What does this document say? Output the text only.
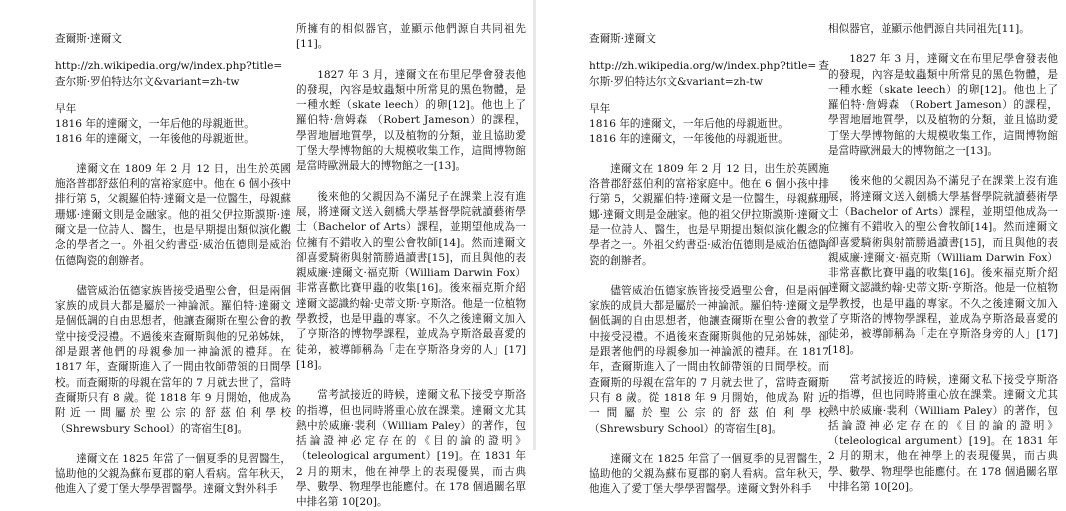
查爾斯·達爾文

http://zh.wikipedia.org/w/index.php?title=查尔斯·罗伯特达尔文&variant=zh-tw

早年

1816 年的達爾文，一年后他的母親逝世。

1816 年的達爾文，一年後他的母親逝世。

達爾文在 1809 年 2 月 12 日，出生於英國施洛普郡舒茲伯利的富裕家庭中。他在 6 個小孩中排行第 5，父親羅伯特·達爾文是一位醫生，母親蘇珊娜·達爾文則是金融家。他的祖父伊拉斯謨斯·達爾文是一位詩人、醫生，也是早期提出類似演化觀念的學者之一。外祖父約書亞·威治伍德則是威治伍德陶瓷的創辦者。

儘管威治伍德家族皆接受過聖公會，但是兩個家族的成員大都是屬於一神論派。羅伯特·達爾文是個低調的自由思想者，他讓查爾斯在聖公會的教堂中接受浸禮。不過後來查爾斯與他的兄弟姊妹，卻是跟著他們的母親參加一神論派的禮拜。在 1817 年，查爾斯進入了一間由牧師帶領的日間學校。而查爾斯的母親在當年的 7 月就去世了，當時查爾斯只有 8 歲。從 1818 年 9 月開始，他成為 附 近 一 間 屬 於 聖 公 宗 的 舒 茲 伯 利 學 校（Shrewsbury School）的寄宿生[8]。

達爾文在 1825 年當了一個夏季的見習醫生，協助他的父親為蘇布夏郡的窮人看病。當年秋天，他進入了愛丁堡大學學習醫學。達爾文對外科手

所擁有的相似器官，並顯示他們源自共同祖先[11]。

1827 年 3 月，達爾文在布里尼學會發表他的發現，內容是蚊蟲類中所常見的黑色物體，是一種水蛭（skate leech）的卵[12]。他也上了羅伯特·詹姆森 （Robert Jameson）的課程，學習地層地質學，以及植物的分類，並且協助愛丁堡大學博物館的大規模收集工作，這間博物館是當時歐洲最大的博物館之一[13]。

後來他的父親因為不滿兒子在課業上沒有進展，將達爾文送入劍橋大學基督學院就讀藝術學士（Bachelor of Arts）課程，並期望他成為一位擁有不錯收入的聖公會牧師[14]。然而達爾文卻喜愛騎術與射箭勝過讀書[15]，而且與他的表親威廉·達爾文·福克斯（William Darwin Fox）非常喜歡比賽甲蟲的收集[16]。後來福克斯介紹達爾文認識約翰·史蒂文斯·亨斯洛。他是一位植物學教授，也是甲蟲的專家。不久之後達爾文加入了亨斯洛的博物學課程，並成為亨斯洛最喜愛的徒弟，被導師稱為「走在亨斯洛身旁的人」[17][18]。

當考試接近的時候，達爾文私下接受亨斯洛的指導，但也同時將重心放在課業。達爾文尤其熱中於威廉·裴利（William Paley）的著作，包括論證神必定存在的《目的論的證明》（teleological argument）[19]。在 1831 年 2 月的期末，他在神學上的表現優異，而古典學、數學、物理學也能應付。在 178 個過關名單中排名第 10[20]。

查爾斯·達爾文

http://zh.wikipedia.org/w/index.php?title=查尔斯·罗伯特达尔文&variant=zh-tw

早年

1816 年的達爾文，一年后他的母親逝世。

1816 年的達爾文，一年後他的母親逝世。

達爾文在 1809 年 2 月 12 日，出生於英國施洛普郡舒茲伯利的富裕家庭中。他在 6 個小孩中排行第 5，父親羅伯特·達爾文是一位醫生，母親蘇珊娜·達爾文則是金融家。他的祖父伊拉斯謨斯·達爾文是一位詩人、醫生，也是早期提出類似演化觀念的學者之一。外祖父約書亞·威治伍德則是威治伍德陶瓷的創辦者。

儘管威治伍德家族皆接受過聖公會，但是兩個家族的成員大都是屬於一神論派。羅伯特·達爾文是個低調的自由思想者，他讓查爾斯在聖公會的教堂中接受浸禮。不過後來查爾斯與他的兄弟姊妹，卻是跟著他們的母親參加一神論派的禮拜。在 1817 年，查爾斯進入了一間由牧師帶領的日間學校。而查爾斯的母親在當年的 7 月就去世了，當時查爾斯只有 8 歲。從 1818 年 9 月開始，他成為 附 近 一 間 屬 於 聖 公 宗 的 舒 茲 伯 利 學 校（Shrewsbury School）的寄宿生[8]。

達爾文在 1825 年當了一個夏季的見習醫生，協助他的父親為蘇布夏郡的窮人看病。當年秋天，他進入了愛丁堡大學學習醫學。達爾文對外科手

相似器官，並顯示他們源自共同祖先[11]。

1827 年 3 月，達爾文在布里尼學會發表他的發現，內容是蚊蟲類中所常見的黑色物體，是一種水蛭（skate leech）的卵[12]。他也上了羅伯特·詹姆森 （Robert Jameson）的課程，學習地層地質學，以及植物的分類，並且協助愛丁堡大學博物館的大規模收集工作，這間博物館是當時歐洲最大的博物館之一[13]。

後來他的父親因為不滿兒子在課業上沒有進展，將達爾文送入劍橋大學基督學院就讀藝術學士（Bachelor of Arts）課程，並期望他成為一位擁有不錯收入的聖公會牧師[14]。然而達爾文卻喜愛騎術與射箭勝過讀書[15]，而且與他的表親威廉·達爾文·福克斯（William Darwin Fox）非常喜歡比賽甲蟲的收集[16]。後來福克斯介紹達爾文認識約翰·史蒂文斯·亨斯洛。他是一位植物學教授，也是甲蟲的專家。不久之後達爾文加入了亨斯洛的博物學課程，並成為亨斯洛最喜愛的徒弟，被導師稱為「走在亨斯洛身旁的人」[17][18]。

當考試接近的時候，達爾文私下接受亨斯洛的指導，但也同時將重心放在課業。達爾文尤其熱中於威廉·裴利（William Paley）的著作，包括論證神必定存在的《目的論的證明》（teleological argument）[19]。在 1831 年 2 月的期末，他在神學上的表現優異，而古典學、數學、物理學也能應付。在 178 個過關名單中排名第 10[20]。
